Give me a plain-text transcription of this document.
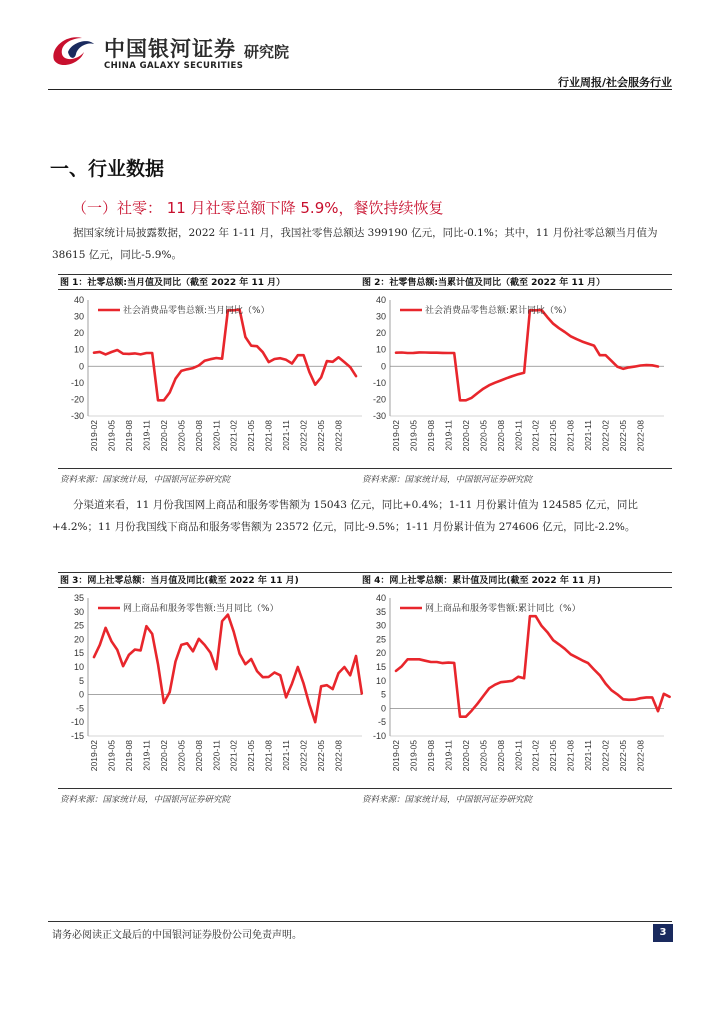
中国银河证券 研究院
CHINA GALAXY SECURITIES
行业周报/社会服务行业
一、行业数据
（一）社零： 11 月社零总额下降 5.9%，餐饮持续恢复
据国家统计局披露数据，2022 年 1-11 月，我国社零售总额达 399190 亿元，同比-0.1%；其中，11 月份社零总额当月值为 38615 亿元，同比-5.9%。
图 1：社零总额:当月值及同比（截至 2022 年 11 月）
40
30
20
10
0
-10
-20
-30
2019-02 2019-05 2019-08 2019-11 2020-02 2020-05 2020-08 2020-11 2021-02 2021-05 2021-08 2021-11 2022-02 2022-05 2022-08
社会消费品零售总额:当月同比（%）
资料来源：国家统计局，中国银河证券研究院
图 2：社零售总额:当累计值及同比（截至 2022 年 11 月）
40
30
20
10
0
-10
-20
-30
2019-02 2019-05 2019-08 2019-11 2020-02 2020-05 2020-08 2020-11 2021-02 2021-05 2021-08 2021-11 2022-02 2022-05 2022-08
社会消费品零售总额:累计同比（%）
资料来源：国家统计局，中国银河证券研究院
分渠道来看，11 月份我国网上商品和服务零售额为 15043 亿元，同比+0.4%；1-11 月份累计值为 124585 亿元，同比+4.2%；11 月份我国线下商品和服务零售额为 23572 亿元，同比-9.5%；1-11 月份累计值为 274606 亿元，同比-2.2%。
图 3：网上社零总额：当月值及同比(截至 2022 年 11 月)
35
30
25
20
15
10
5
0
-5
-10
-15
2019-02 2019-05 2019-08 2019-11 2020-02 2020-05 2020-08 2020-11 2021-02 2021-05 2021-08 2021-11 2022-02 2022-05 2022-08
网上商品和服务零售额:当月同比（%）
资料来源：国家统计局，中国银河证券研究院
图 4：网上社零总额：累计值及同比(截至 2022 年 11 月)
40
35
30
25
20
15
10
5
0
-5
-10
2019-02 2019-05 2019-08 2019-11 2020-02 2020-05 2020-08 2020-11 2021-02 2021-05 2021-08 2021-11 2022-02 2022-05 2022-08
网上商品和服务零售额:累计同比（%）
资料来源：国家统计局，中国银河证券研究院
请务必阅读正文最后的中国银河证券股份公司免责声明。	3
